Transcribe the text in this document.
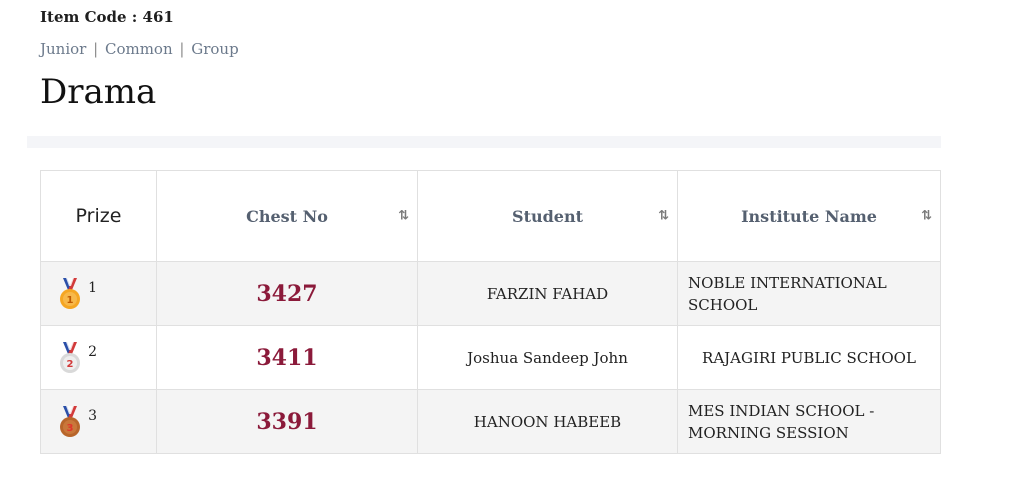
Item Code : 461
Junior | Common | Group
Drama
Prize	Chest No ⇅	Student ⇅	Institute Name ⇅

1
1	3427	FARZIN FAHAD	NOBLE INTERNATIONAL SCHOOL

2
2	3411	Joshua Sandeep John	RAJAGIRI PUBLIC SCHOOL

3
3	3391	HANOON HABEEB	MES INDIAN SCHOOL - MORNING SESSION
